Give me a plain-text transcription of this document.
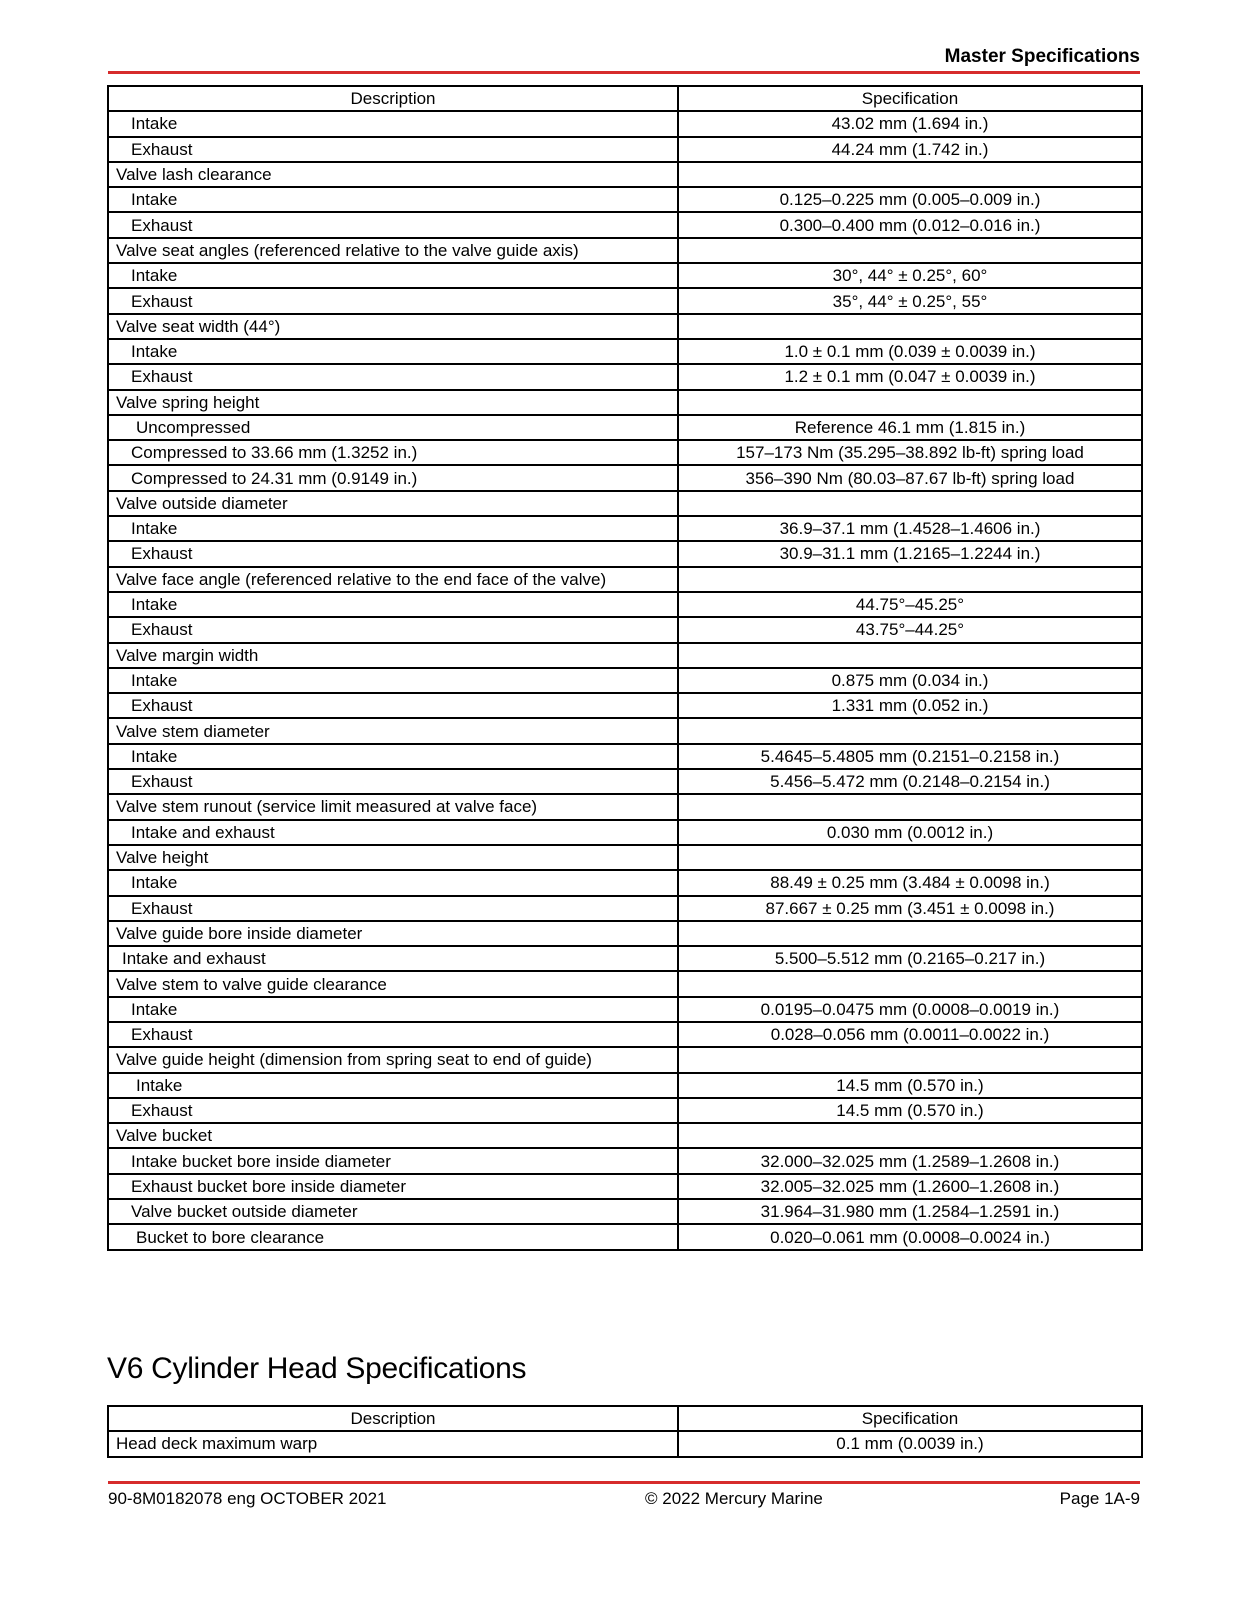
Master Specifications
Description	Specification
Intake	43.02 mm (1.694 in.)
Exhaust	44.24 mm (1.742 in.)
Valve lash clearance	
Intake	0.125–0.225 mm (0.005–0.009 in.)
Exhaust	0.300–0.400 mm (0.012–0.016 in.)
Valve seat angles (referenced relative to the valve guide axis)	
Intake	30°, 44° ± 0.25°, 60°
Exhaust	35°, 44° ± 0.25°, 55°
Valve seat width (44°)	
Intake	1.0 ± 0.1 mm (0.039 ± 0.0039 in.)
Exhaust	1.2 ± 0.1 mm (0.047 ± 0.0039 in.)
Valve spring height	
Uncompressed	Reference 46.1 mm (1.815 in.)
Compressed to 33.66 mm (1.3252 in.)	157–173 Nm (35.295–38.892 lb-ft) spring load
Compressed to 24.31 mm (0.9149 in.)	356–390 Nm (80.03–87.67 lb-ft) spring load
Valve outside diameter	
Intake	36.9–37.1 mm (1.4528–1.4606 in.)
Exhaust	30.9–31.1 mm (1.2165–1.2244 in.)
Valve face angle (referenced relative to the end face of the valve)	
Intake	44.75°–45.25°
Exhaust	43.75°–44.25°
Valve margin width	
Intake	0.875 mm (0.034 in.)
Exhaust	1.331 mm (0.052 in.)
Valve stem diameter	
Intake	5.4645–5.4805 mm (0.2151–0.2158 in.)
Exhaust	5.456–5.472 mm (0.2148–0.2154 in.)
Valve stem runout (service limit measured at valve face)	
Intake and exhaust	0.030 mm (0.0012 in.)
Valve height	
Intake	88.49 ± 0.25 mm (3.484 ± 0.0098 in.)
Exhaust	87.667 ± 0.25 mm (3.451 ± 0.0098 in.)
Valve guide bore inside diameter	
Intake and exhaust	5.500–5.512 mm (0.2165–0.217 in.)
Valve stem to valve guide clearance	
Intake	0.0195–0.0475 mm (0.0008–0.0019 in.)
Exhaust	0.028–0.056 mm (0.0011–0.0022 in.)
Valve guide height (dimension from spring seat to end of guide)	
Intake	14.5 mm (0.570 in.)
Exhaust	14.5 mm (0.570 in.)
Valve bucket	
Intake bucket bore inside diameter	32.000–32.025 mm (1.2589–1.2608 in.)
Exhaust bucket bore inside diameter	32.005–32.025 mm (1.2600–1.2608 in.)
Valve bucket outside diameter	31.964–31.980 mm (1.2584–1.2591 in.)
Bucket to bore clearance	0.020–0.061 mm (0.0008–0.0024 in.)
V6 Cylinder Head Specifications
Description	Specification
Head deck maximum warp	0.1 mm (0.0039 in.)
90-8M0182078 eng OCTOBER 2021	© 2022 Mercury Marine	Page 1A-9
